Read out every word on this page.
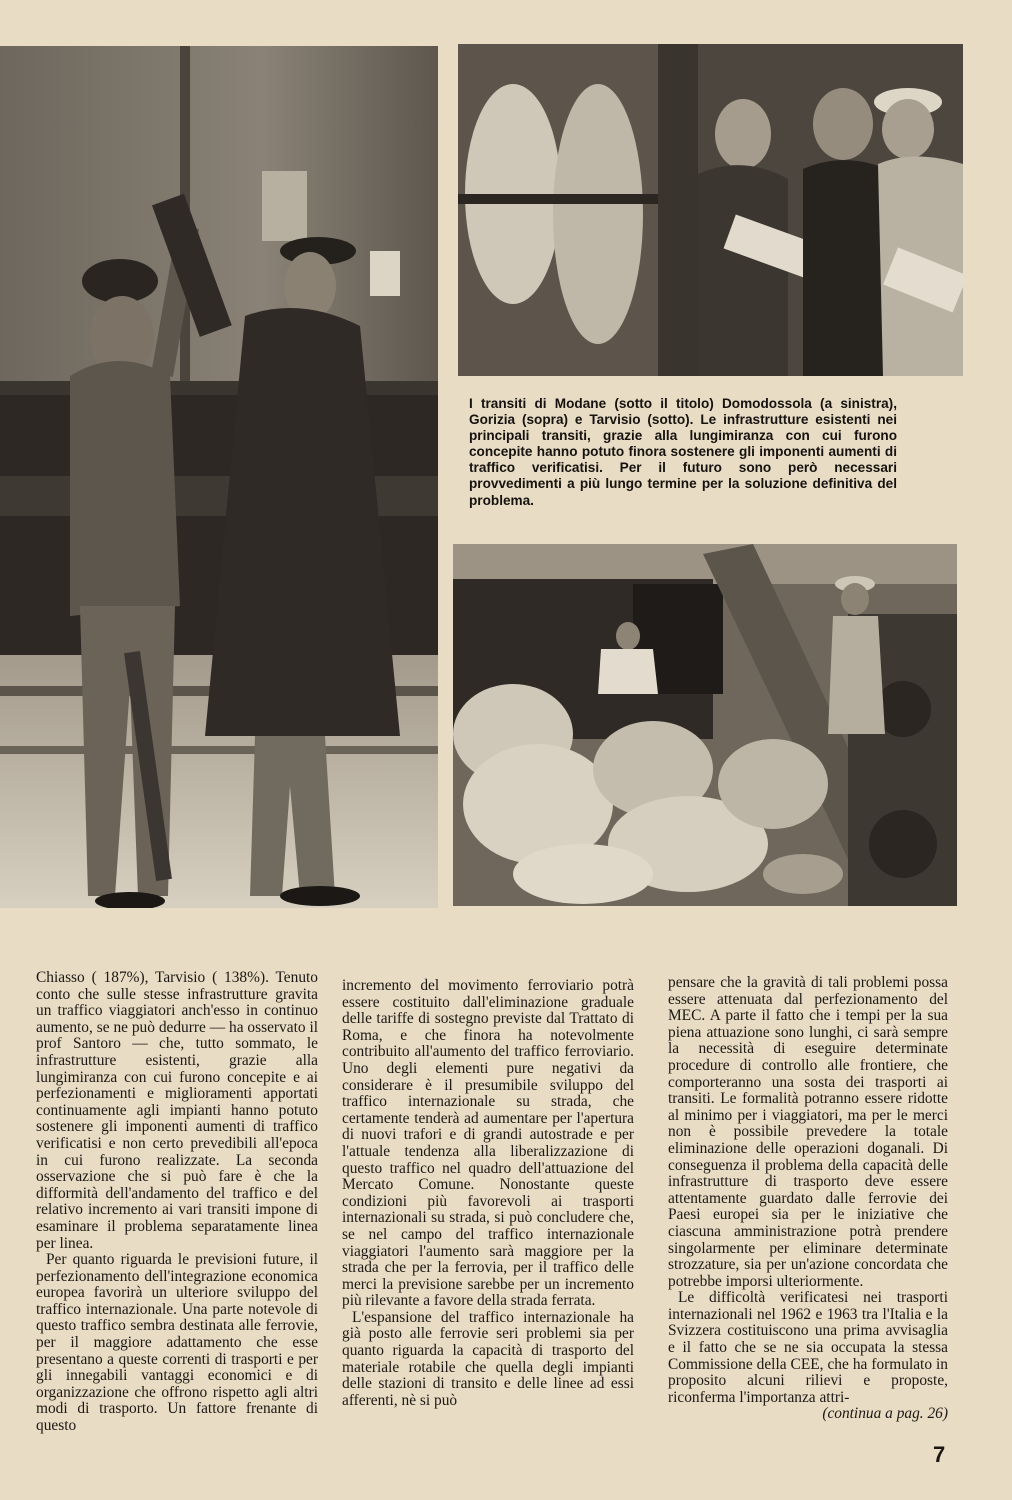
I transiti di Modane (sotto il titolo) Domodossola (a sinistra), Gorizia (sopra) e Tarvisio (sotto). Le infrastrutture esistenti nei principali transiti, grazie alla lungimiranza con cui furono concepite hanno potuto finora sostenere gli imponenti aumenti di traffico verificatisi. Per il futuro sono però necessari provvedimenti a più lungo termine per la soluzione definitiva del problema.

Chiasso ( 187%), Tarvisio ( 138%). Tenuto conto che sulle stesse infrastrutture gravita un traffico viaggiatori anch'esso in continuo aumento, se ne può dedurre — ha osservato il prof Santoro — che, tutto sommato, le infrastrutture esistenti, grazie alla lungimiranza con cui furono concepite e ai perfezionamenti e miglioramenti apportati continuamente agli impianti hanno potuto sostenere gli imponenti aumenti di traffico verificatisi e non certo prevedibili all'epoca in cui furono realizzate. La seconda osservazione che si può fare è che la difformità dell'andamento del traffico e del relativo incremento ai vari transiti impone di esaminare il problema separatamente linea per linea.

Per quanto riguarda le previsioni future, il perfezionamento dell'integrazione economica europea favorirà un ulteriore sviluppo del traffico internazionale. Una parte notevole di questo traffico sembra destinata alle ferrovie, per il maggiore adattamento che esse presentano a queste correnti di trasporti e per gli innegabili vantaggi economici e di organizzazione che offrono rispetto agli altri modi di trasporto. Un fattore frenante di questo

incremento del movimento ferroviario potrà essere costituito dall'eliminazione graduale delle tariffe di sostegno previste dal Trattato di Roma, e che finora ha notevolmente contribuito all'aumento del traffico ferroviario. Uno degli elementi pure negativi da considerare è il presumibile sviluppo del traffico internazionale su strada, che certamente tenderà ad aumentare per l'apertura di nuovi trafori e di grandi autostrade e per l'attuale tendenza alla liberalizzazione di questo traffico nel quadro dell'attuazione del Mercato Comune. Nonostante queste condizioni più favorevoli ai trasporti internazionali su strada, si può concludere che, se nel campo del traffico internazionale viaggiatori l'aumento sarà maggiore per la strada che per la ferrovia, per il traffico delle merci la previsione sarebbe per un incremento più rilevante a favore della strada ferrata.

L'espansione del traffico internazionale ha già posto alle ferrovie seri problemi sia per quanto riguarda la capacità di trasporto del materiale rotabile che quella degli impianti delle stazioni di transito e delle linee ad essi afferenti, nè si può

pensare che la gravità di tali problemi possa essere attenuata dal perfezionamento del MEC. A parte il fatto che i tempi per la sua piena attuazione sono lunghi, ci sarà sempre la necessità di eseguire determinate procedure di controllo alle frontiere, che comporteranno una sosta dei trasporti ai transiti. Le formalità potranno essere ridotte al minimo per i viaggiatori, ma per le merci non è possibile prevedere la totale eliminazione delle operazioni doganali. Di conseguenza il problema della capacità delle infrastrutture di trasporto deve essere attentamente guardato dalle ferrovie dei Paesi europei sia per le iniziative che ciascuna amministrazione potrà prendere singolarmente per eliminare determinate strozzature, sia per un'azione concordata che potrebbe imporsi ulteriormente.

Le difficoltà verificatesi nei trasporti internazionali nel 1962 e 1963 tra l'Italia e la Svizzera costituiscono una prima avvisaglia e il fatto che se ne sia occupata la stessa Commissione della CEE, che ha formulato in proposito alcuni rilievi e proposte, riconferma l'importanza attri-

(continua a pag. 26)

7
